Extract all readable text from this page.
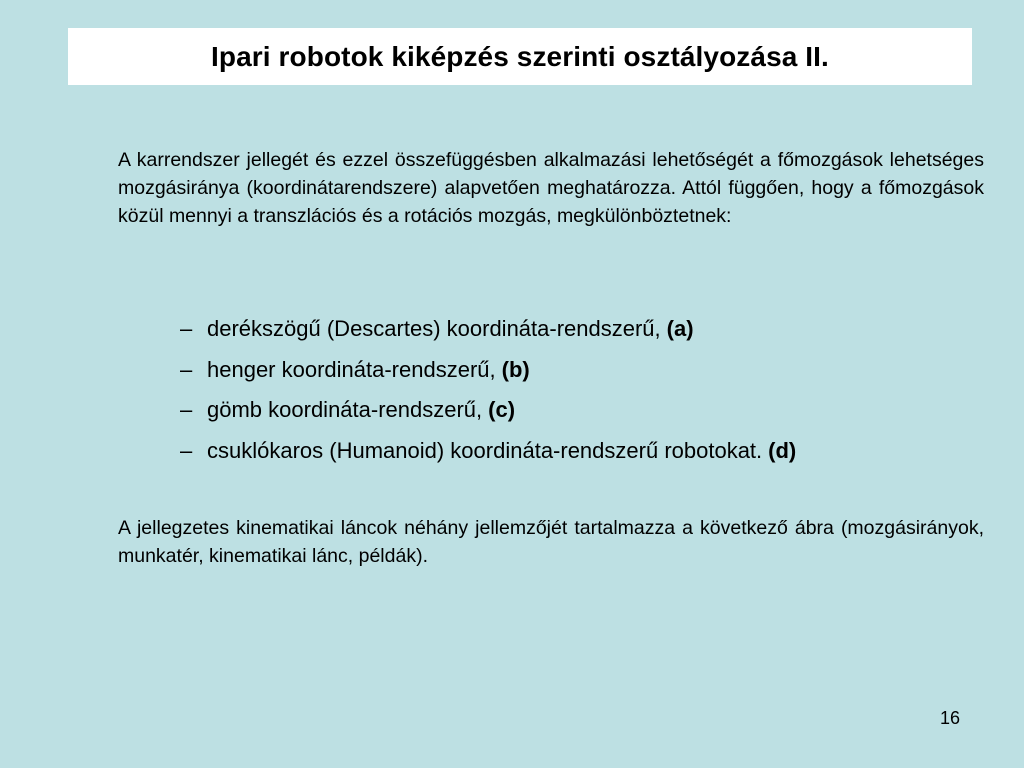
Ipari robotok kiképzés szerinti osztályozása II.

A karrendszer jellegét és ezzel összefüggésben alkalmazási lehetőségét a főmozgások lehetséges mozgásiránya (koordinátarendszere) alapvetően meghatározza. Attól függően, hogy a főmozgások közül mennyi a transzlációs és a rotációs mozgás, megkülönböztetnek:

– derékszögű (Descartes) koordináta-rendszerű, (a)
– henger koordináta-rendszerű, (b)
– gömb koordináta-rendszerű, (c)
– csuklókaros (Humanoid) koordináta-rendszerű robotokat. (d)

A jellegzetes kinematikai láncok néhány jellemzőjét tartalmazza a következő ábra (mozgásirányok, munkatér, kinematikai lánc, példák).

16
